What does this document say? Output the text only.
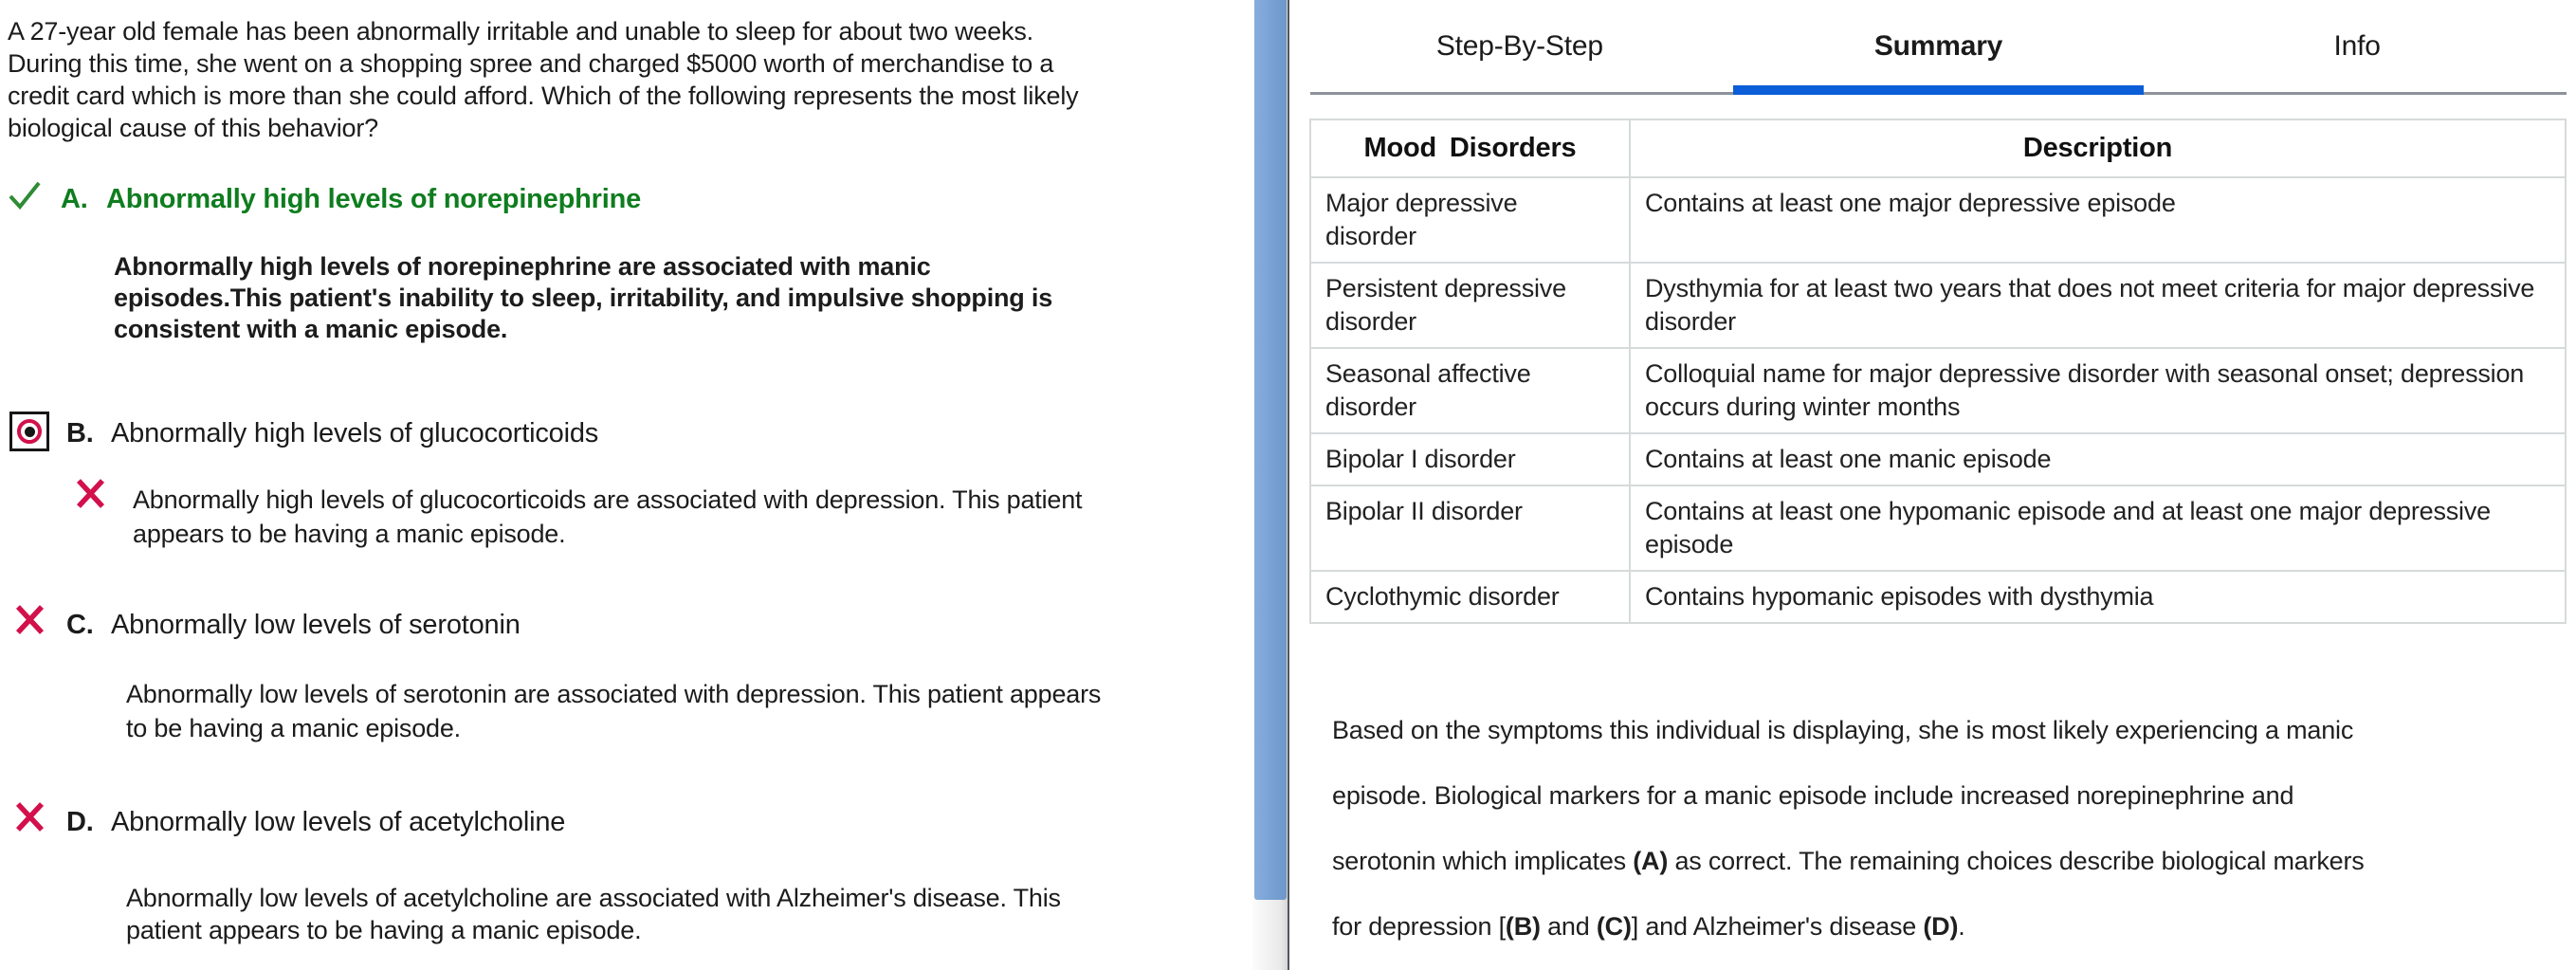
A 27-year old female has been abnormally irritable and unable to sleep for about two weeks.
During this time, she went on a shopping spree and charged $5000 worth of merchandise to a
credit card which is more than she could afford. Which of the following represents the most likely
biological cause of this behavior?

A. Abnormally high levels of norepinephrine

Abnormally high levels of norepinephrine are associated with manic
episodes.This patient's inability to sleep, irritability, and impulsive shopping is
consistent with a manic episode.

B. Abnormally high levels of glucocorticoids

Abnormally high levels of glucocorticoids are associated with depression. This patient
appears to be having a manic episode.

C. Abnormally low levels of serotonin

Abnormally low levels of serotonin are associated with depression. This patient appears
to be having a manic episode.

D. Abnormally low levels of acetylcholine

Abnormally low levels of acetylcholine are associated with Alzheimer's disease. This
patient appears to be having a manic episode.

Step-By-Step	Summary	Info
Mood Disorders	Description
Major depressive disorder	Contains at least one major depressive episode
Persistent depressive disorder	Dysthymia for at least two years that does not meet criteria for major depressive disorder
Seasonal affective disorder	Colloquial name for major depressive disorder with seasonal onset; depression occurs during winter months
Bipolar I disorder	Contains at least one manic episode
Bipolar II disorder	Contains at least one hypomanic episode and at least one major depressive episode
Cyclothymic disorder	Contains hypomanic episodes with dysthymia

Based on the symptoms this individual is displaying, she is most likely experiencing a manic
episode. Biological markers for a manic episode include increased norepinephrine and
serotonin which implicates (A) as correct. The remaining choices describe biological markers
for depression [(B) and (C)] and Alzheimer's disease (D).
